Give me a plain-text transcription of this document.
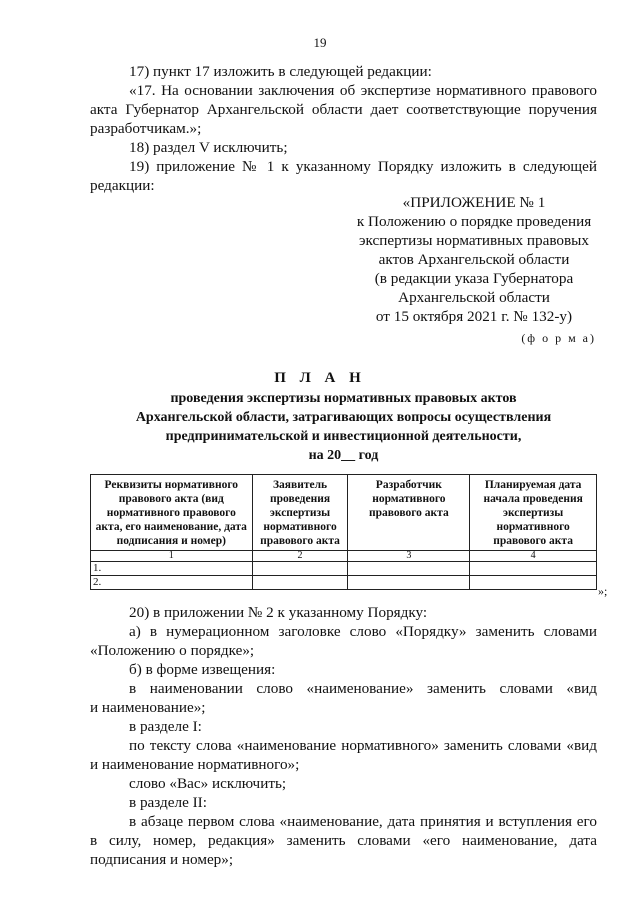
19
17) пункт 17 изложить в следующей редакции:
«17. На основании заключения об экспертизе нормативного правового
акта Губернатор Архангельской области дает соответствующие поручения
разработчикам.»;
18) раздел V исключить;
19) приложение № 1 к указанному Порядку изложить в следующей
редакции:
«ПРИЛОЖЕНИЕ № 1
к Положению о порядке проведения
экспертизы нормативных правовых
актов Архангельской области
(в редакции указа Губернатора
Архангельской области
от 15 октября 2021 г. № 132-у)
(ф о р м а)
П Л А Н
проведения экспертизы нормативных правовых актов
Архангельской области, затрагивающих вопросы осуществления
предпринимательской и инвестиционной деятельности,
на 20__ год
Реквизиты нормативного правового акта (вид нормативного правового акта, его наименование, дата подписания и номер)	Заявитель проведения экспертизы нормативного правового акта	Разработчик нормативного правового акта	Планируемая дата начала проведения экспертизы нормативного правового акта
1	2	3	4
1.			
2.			
»;
20) в приложении № 2 к указанному Порядку:
а) в нумерационном заголовке слово «Порядку» заменить словами
«Положению о порядке»;
б) в форме извещения:
в наименовании слово «наименование» заменить словами «вид
и наименование»;
в разделе I:
по тексту слова «наименование нормативного» заменить словами «вид
и наименование нормативного»;
слово «Вас» исключить;
в разделе II:
в абзаце первом слова «наименование, дата принятия и вступления его
в силу, номер, редакция» заменить словами «его наименование, дата
подписания и номер»;
